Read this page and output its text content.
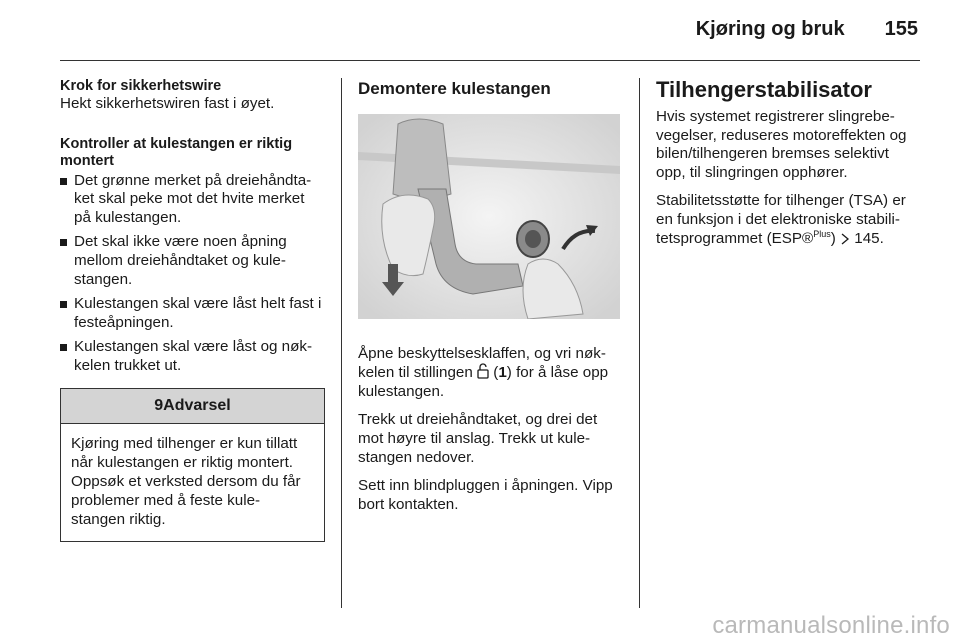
Kjøring og bruk 155
Krok for sikkerhetswire

Hekt sikkerhetswiren fast i øyet.

Kontroller at kulestangen er riktig montert
Det grønne merket på dreiehåndta-ket skal peke mot det hvite merket på kulestangen.
Det skal ikke være noen åpning mellom dreiehåndtaket og kule-stangen.
Kulestangen skal være låst helt fast i festeåpningen.
Kulestangen skal være låst og nøk-kelen trukket ut.
9Advarsel
Kjøring med tilhenger er kun tillatt når kulestangen er riktig montert. Oppsøk et verksted dersom du får problemer med å feste kule-stangen riktig.
Demontere kulestangen

Åpne beskyttelsesklaffen, og vri nøk-kelen til stillingen (1) for å låse opp kulestangen.

Trekk ut dreiehåndtaket, og drei det mot høyre til anslag. Trekk ut kule-stangen nedover.

Sett inn blindpluggen i åpningen. Vipp bort kontakten.

Tilhengerstabilisator

Hvis systemet registrerer slingrebe-vegelser, reduseres motoreffekten og bilen/tilhengeren bremses selektivt opp, til slingringen opphører.

Stabilitetsstøtte for tilhenger (TSA) er en funksjon i det elektroniske stabili-tetsprogrammet (ESP®$^{Plus}$) 145.

carmanualsonline.info
